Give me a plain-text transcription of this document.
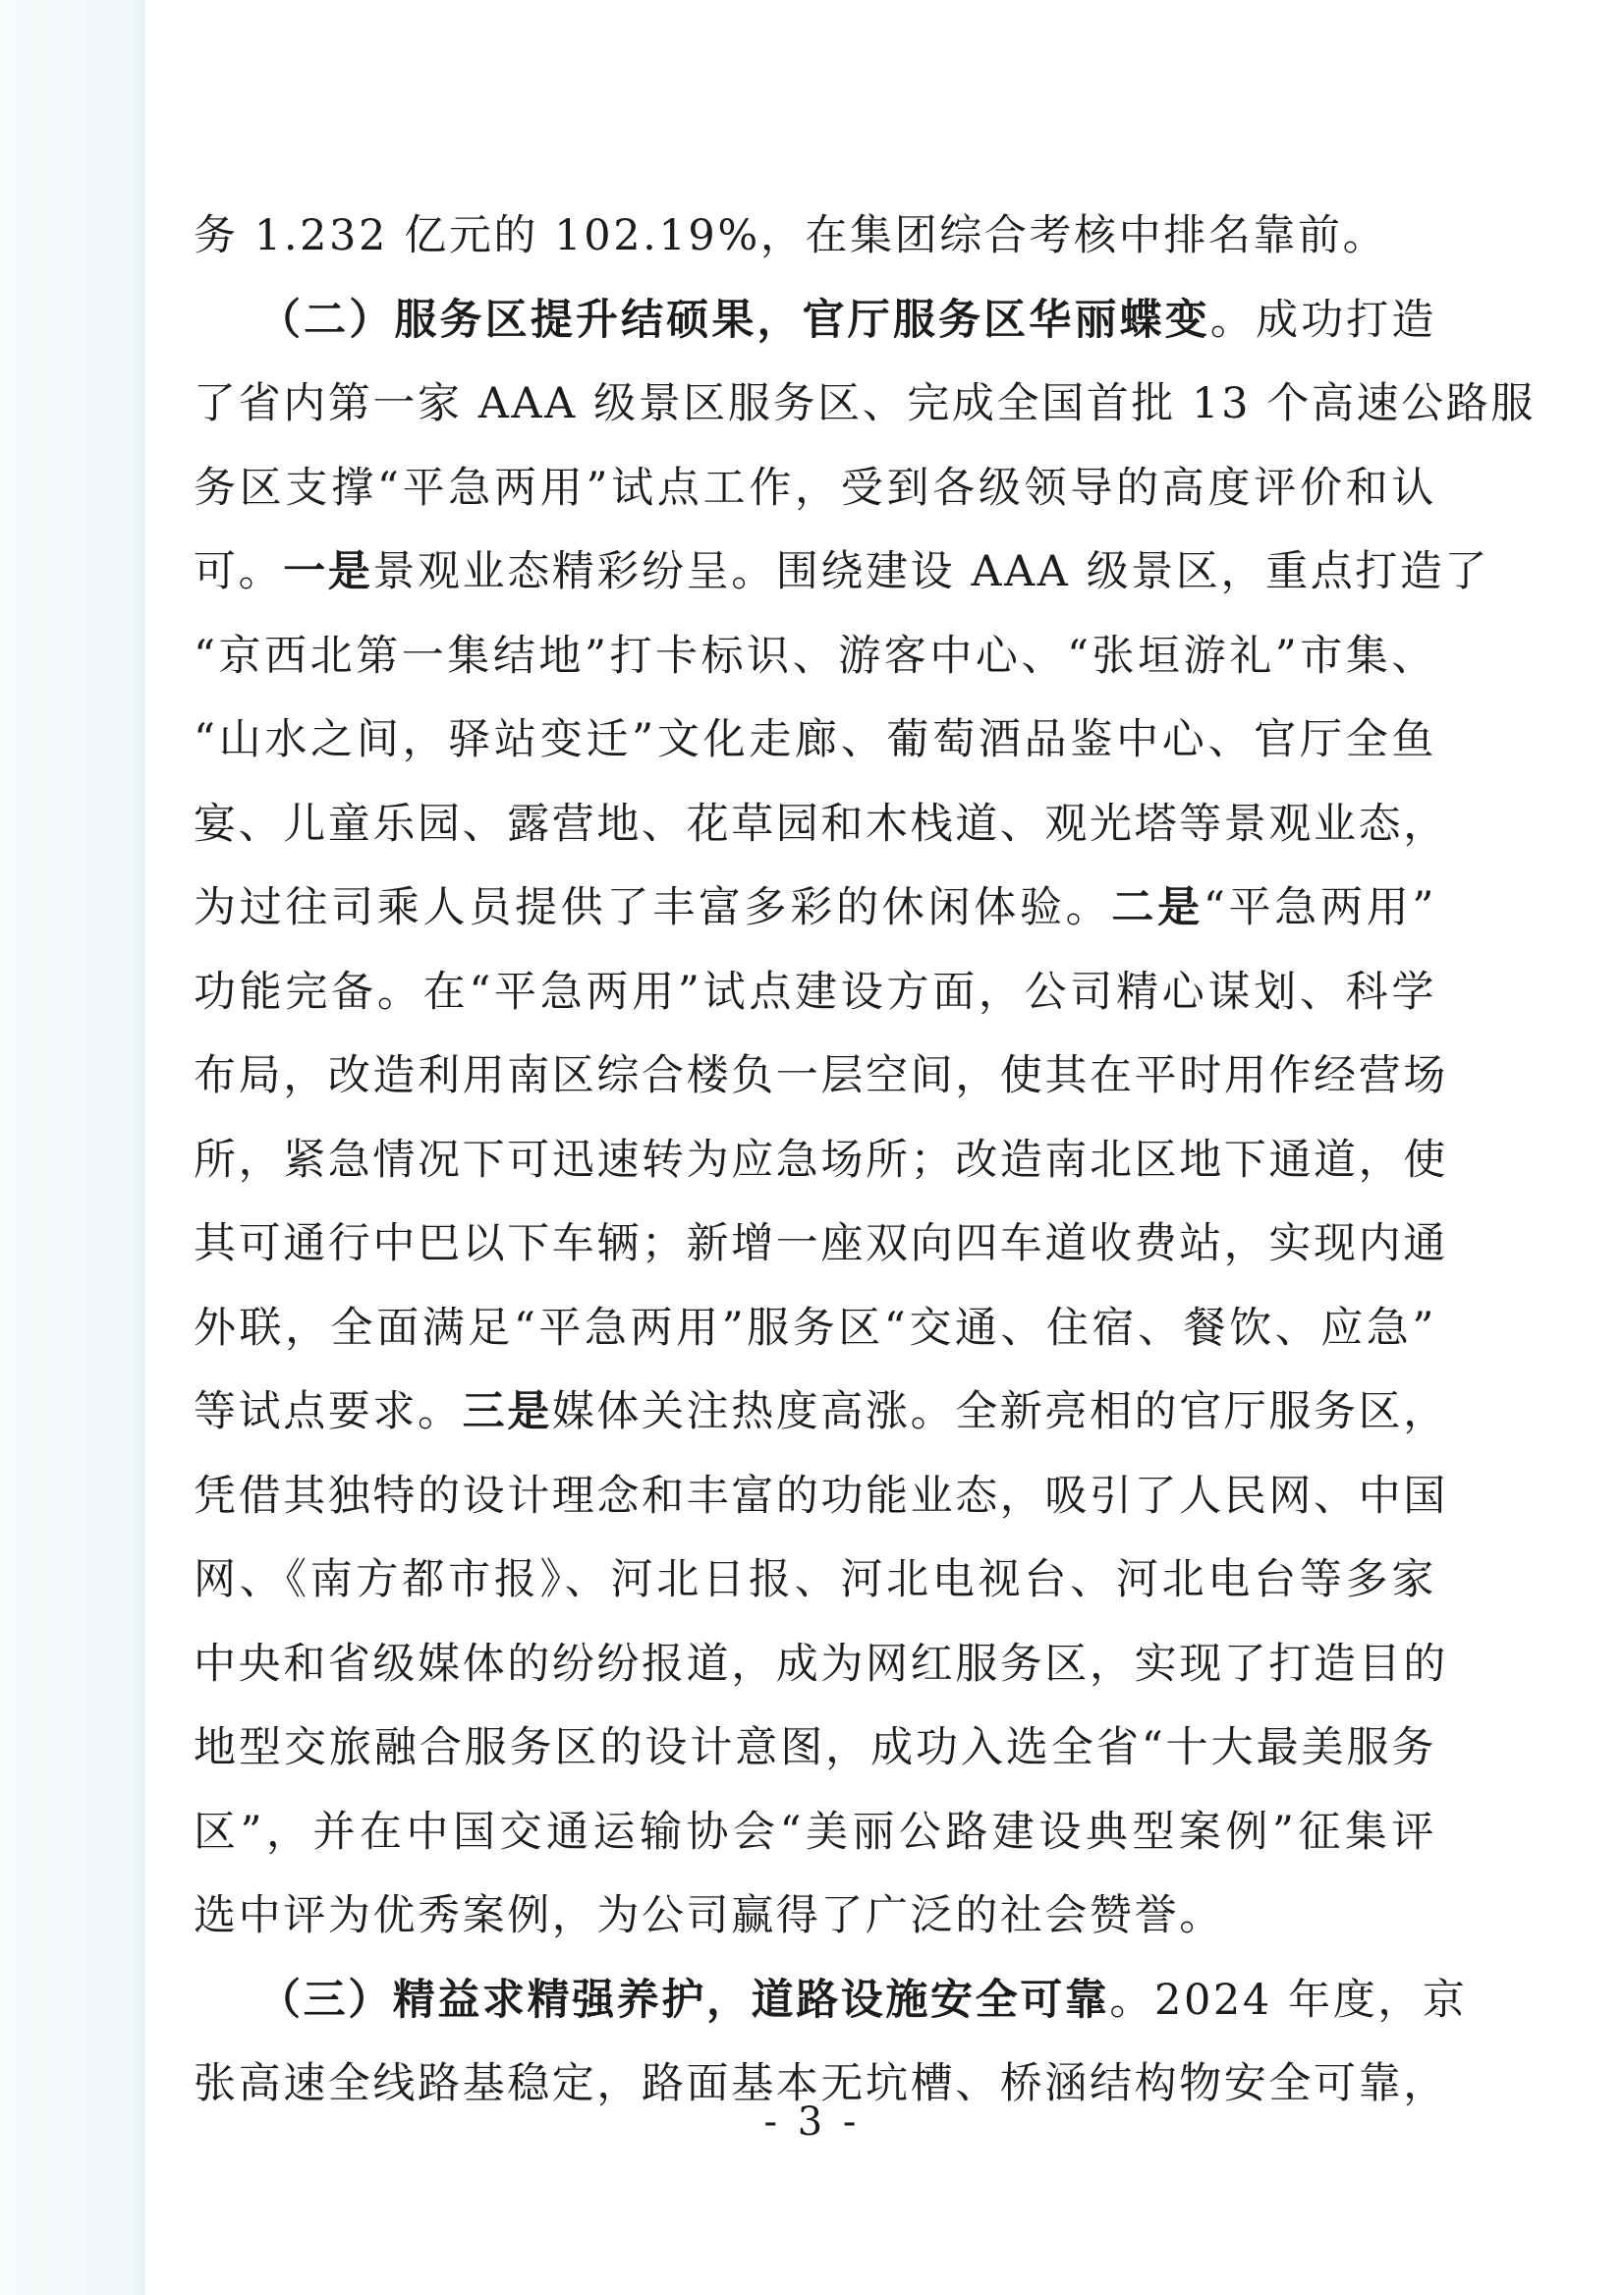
务 1.232 亿元的 102.19%，在集团综合考核中排名靠前。
（二）服务区提升结硕果，官厅服务区华丽蝶变。成功打造
了省内第一家 AAA 级景区服务区、完成全国首批 13 个高速公路服
务区支撑“平急两用”试点工作，受到各级领导的高度评价和认
可。一是景观业态精彩纷呈。围绕建设 AAA 级景区，重点打造了
“京西北第一集结地”打卡标识、游客中心、“张垣游礼”市集、
“山水之间，驿站变迁”文化走廊、葡萄酒品鉴中心、官厅全鱼
宴、儿童乐园、露营地、花草园和木栈道、观光塔等景观业态，
为过往司乘人员提供了丰富多彩的休闲体验。二是“平急两用”
功能完备。在“平急两用”试点建设方面，公司精心谋划、科学
布局，改造利用南区综合楼负一层空间，使其在平时用作经营场
所，紧急情况下可迅速转为应急场所；改造南北区地下通道，使
其可通行中巴以下车辆；新增一座双向四车道收费站，实现内通
外联，全面满足“平急两用”服务区“交通、住宿、餐饮、应急”
等试点要求。三是媒体关注热度高涨。全新亮相的官厅服务区，
凭借其独特的设计理念和丰富的功能业态，吸引了人民网、中国
网、《南方都市报》、河北日报、河北电视台、河北电台等多家
中央和省级媒体的纷纷报道，成为网红服务区，实现了打造目的
地型交旅融合服务区的设计意图，成功入选全省“十大最美服务
区”，并在中国交通运输协会“美丽公路建设典型案例”征集评
选中评为优秀案例，为公司赢得了广泛的社会赞誉。
（三）精益求精强养护，道路设施安全可靠。2024 年度，京
张高速全线路基稳定，路面基本无坑槽、桥涵结构物安全可靠，
- 3 -
